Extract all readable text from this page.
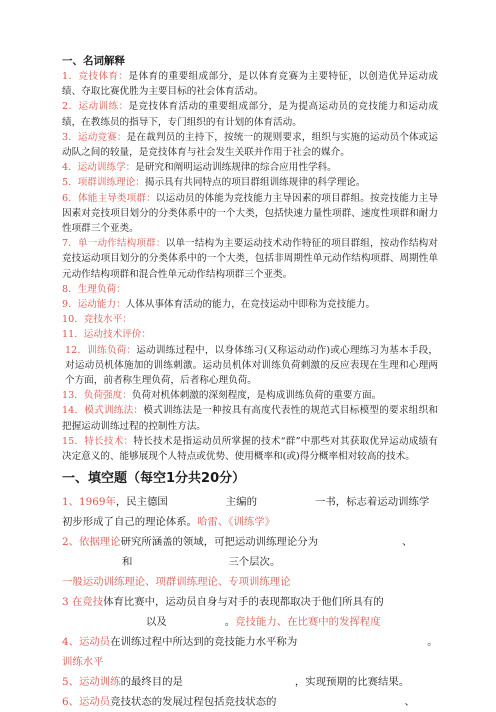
一、名词解释

1．竞技体育：是体育的重要组成部分，是以体育竞赛为主要特征，以创造优异运动成绩、夺取比赛优胜为主要目标的社会体育活动。

2．运动训练：是竞技体育活动的重要组成部分，是为提高运动员的竞技能力和运动成绩，在教练员的指导下，专门组织的有计划的体育活动。

3．运动竞赛：是在裁判员的主持下，按统一的规则要求，组织与实施的运动员个体或运动队之间的较量，是竞技体育与社会发生关联并作用于社会的媒介。

4．运动训练学：是研究和阐明运动训练规律的综合应用性学科。

5．项群训练理论：揭示具有共同特点的项目群组训练规律的科学理论。

6．体能主导类项群：以运动员的体能为竞技能力主导因素的项目群组。按竞技能力主导因素对竞技项目划分的分类体系中的一个大类，包括快速力量性项群、速度性项群和耐力性项群三个亚类。

7．单一动作结构项群：以单一结构为主要运动技术动作特征的项目群组，按动作结构对竞技运动项目划分的分类体系中的一个大类，包括非周期性单元动作结构项群、周期性单元动作结构项群和混合性单元动作结构项群三个亚类。

8．生理负荷：

9．运动能力：人体从事体育活动的能力，在竞技运动中即称为竞技能力。

10．竞技水平：

11．运动技术评价：

12．训练负荷：运动训练过程中，以身体练习(又称运动动作)或心理练习为基本手段，对运动员机体施加的训练刺激。运动员机体对训练负荷刺激的反应表现在生理和心理两个方面，前者称生理负荷，后者称心理负荷。

13．负荷强度：负荷对机体刺激的深刻程度，是构成训练负荷的重要方面。

14．模式训练法：模式训练法是一种按具有高度代表性的规范式目标模型的要求组织和把握运动训练过程的控制性方法。

15．特长技术：特长技术是指运动员所掌握的技术“群”中那些对其获取优异运动成绩有决定意义的、能够展现个人特点或优势、使用概率和(或)得分概率相对较高的技术。

一、填空题（每空1分共20分）

1、1969年，民主德国	主编的	一书，标志着运动训练学初步形成了自己的理论体系。哈雷、《训练学》

2、依据理论研究所涵盖的领域，可把运动训练理论分为	、
和	三个层次。
一般运动训练理论、项群训练理论、专项训练理论

3 在竞技体育比赛中，运动员自身与对手的表现都取决于他们所具有的
以及	。竞技能力、在比赛中的发挥程度

4、运动员在训练过程中所达到的竞技能力水平称为	。
训练水平

5、运动训练的最终目的是	，实现预期的比赛结果。

6、运动员竞技状态的发展过程包括竞技状态的	、
